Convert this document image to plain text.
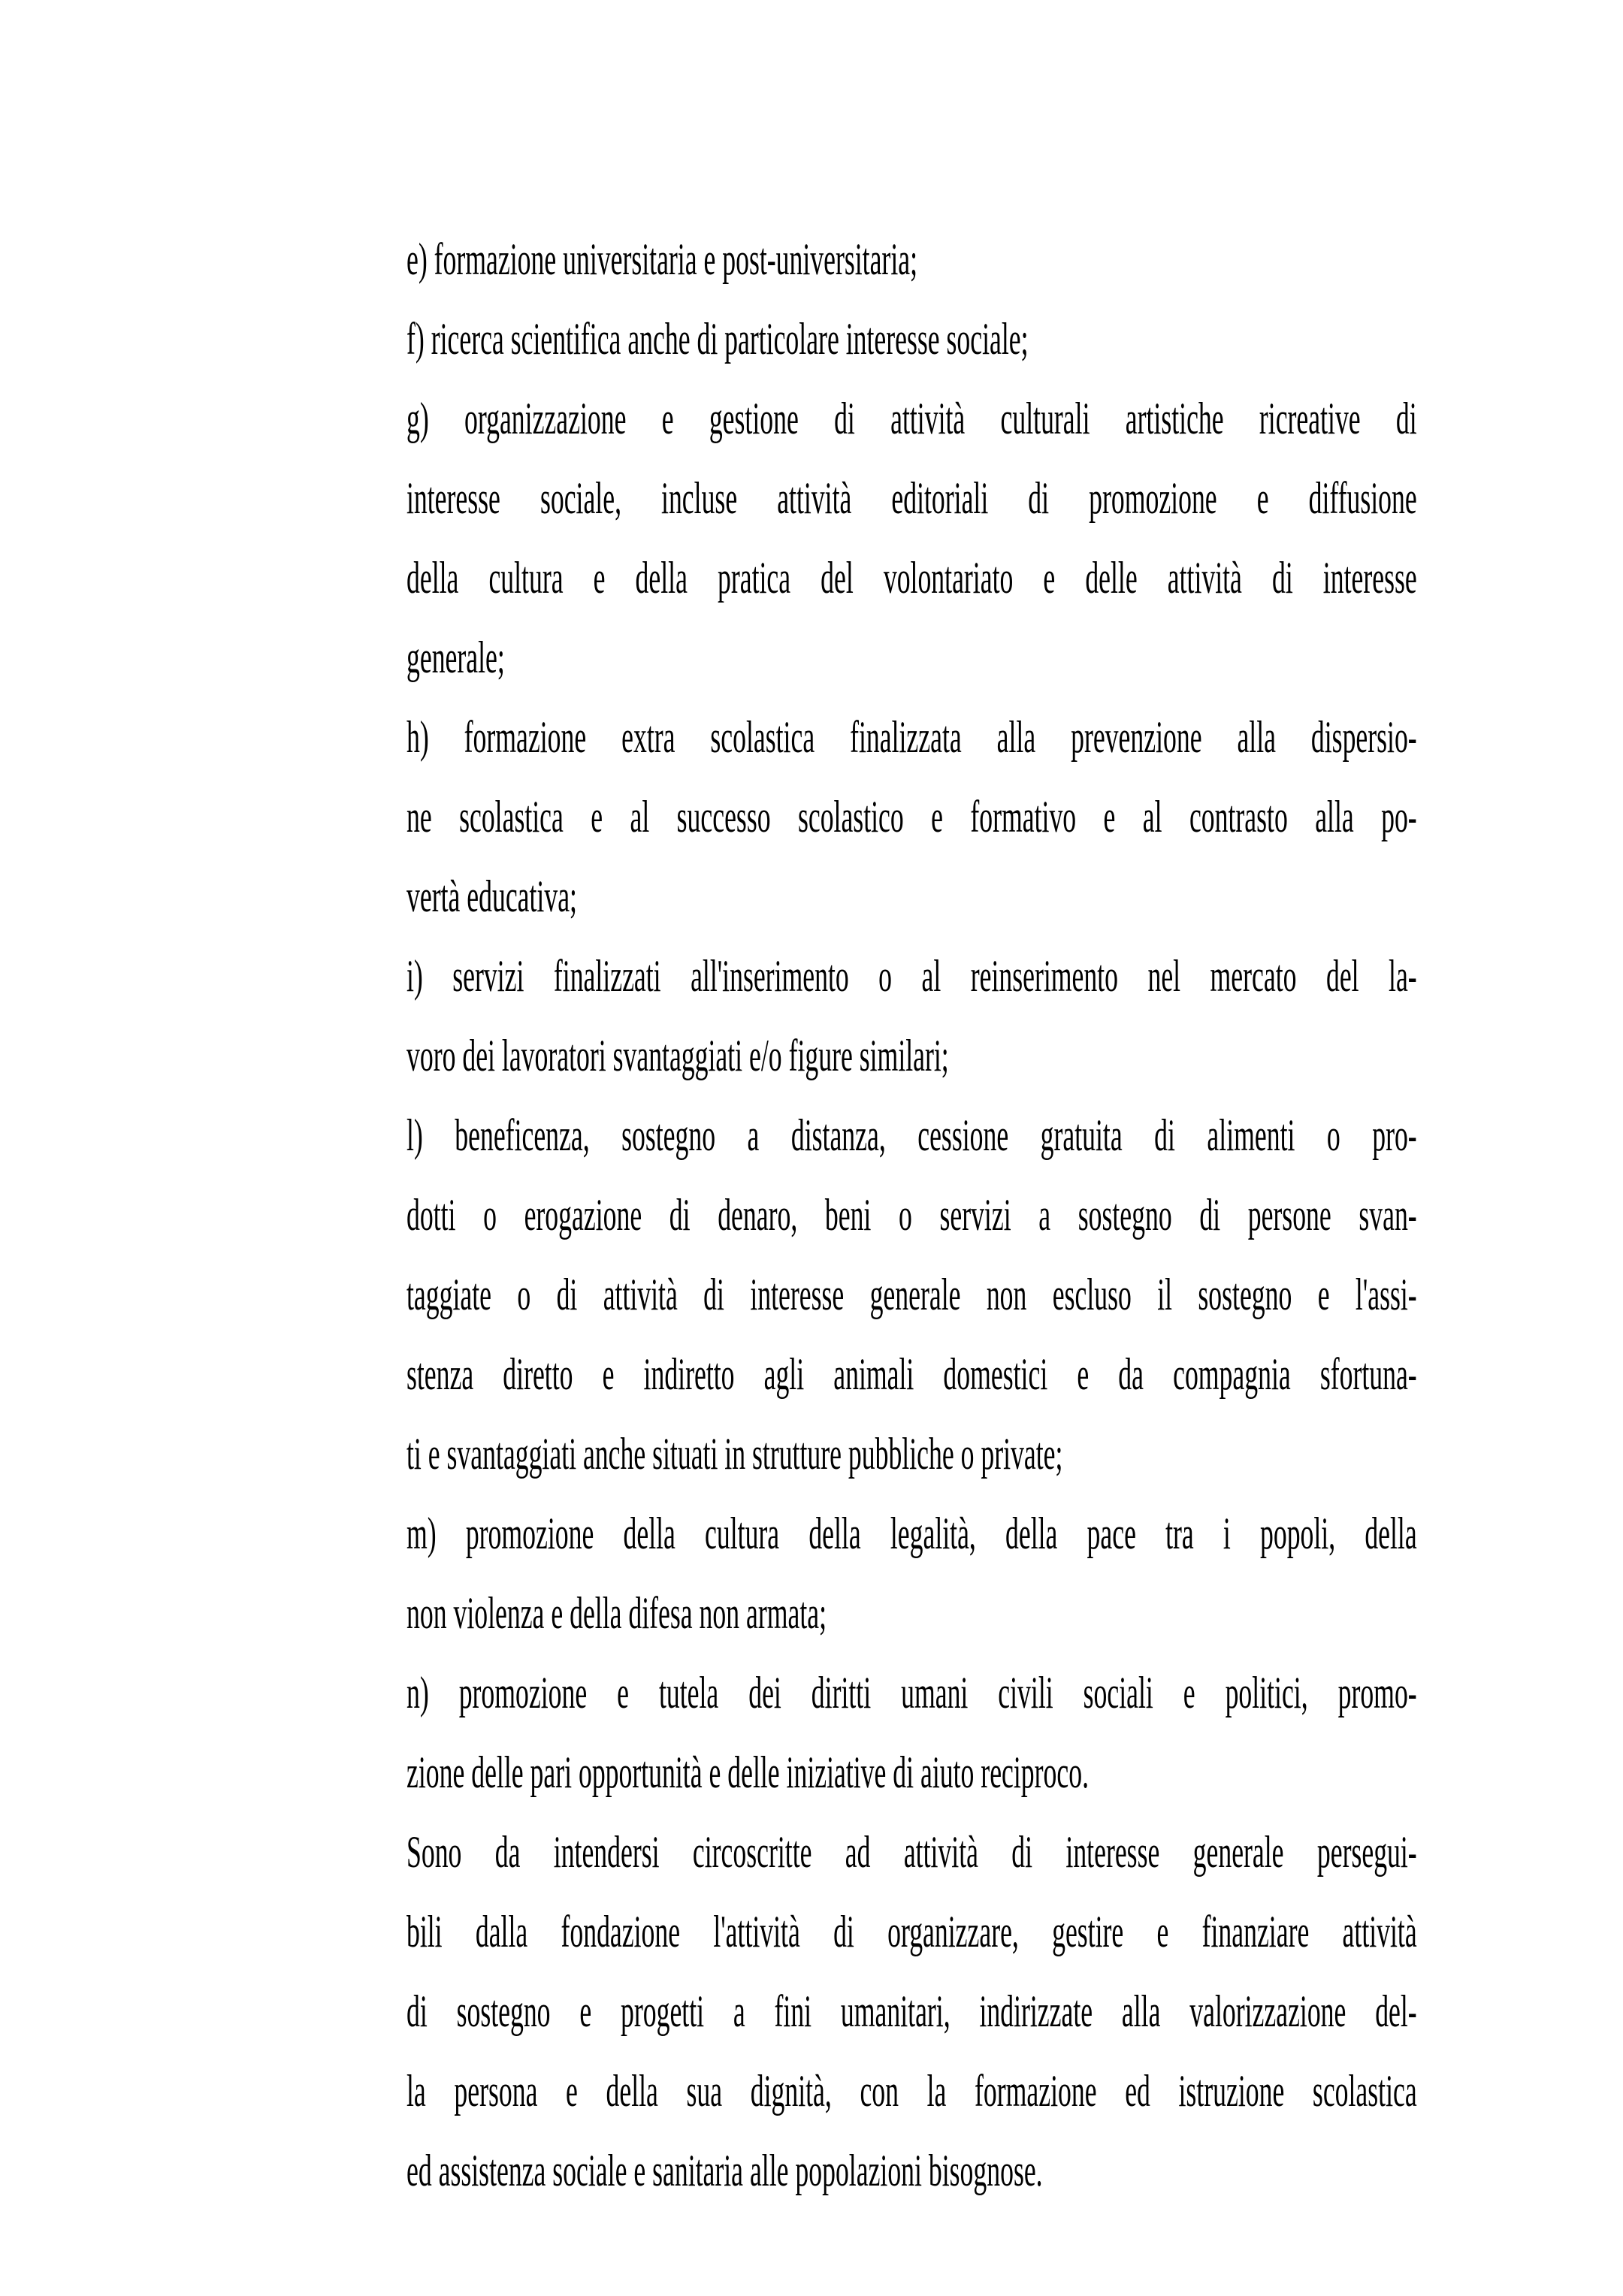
e) formazione universitaria e post-universitaria;
f) ricerca scientifica anche di particolare interesse sociale;
g) organizzazione e gestione di attività culturali artistiche ricreative di
interesse sociale, incluse attività editoriali di promozione e diffusione
della cultura e della pratica del volontariato e delle attività di interesse
generale;
h) formazione extra scolastica finalizzata alla prevenzione alla dispersio-
ne scolastica e al successo scolastico e formativo e al contrasto alla po-
vertà educativa;
i) servizi finalizzati all'inserimento o al reinserimento nel mercato del la-
voro dei lavoratori svantaggiati e/o figure similari;
l) beneficenza, sostegno a distanza, cessione gratuita di alimenti o pro-
dotti o erogazione di denaro, beni o servizi a sostegno di persone svan-
taggiate o di attività di interesse generale non escluso il sostegno e l'assi-
stenza diretto e indiretto agli animali domestici e da compagnia sfortuna-
ti e svantaggiati anche situati in strutture pubbliche o private;
m) promozione della cultura della legalità, della pace tra i popoli, della
non violenza e della difesa non armata;
n) promozione e tutela dei diritti umani civili sociali e politici, promo-
zione delle pari opportunità e delle iniziative di aiuto reciproco.
Sono da intendersi circoscritte ad attività di interesse generale persegui-
bili dalla fondazione l'attività di organizzare, gestire e finanziare attività
di sostegno e progetti a fini umanitari, indirizzate alla valorizzazione del-
la persona e della sua dignità, con la formazione ed istruzione scolastica
ed assistenza sociale e sanitaria alle popolazioni bisognose.
